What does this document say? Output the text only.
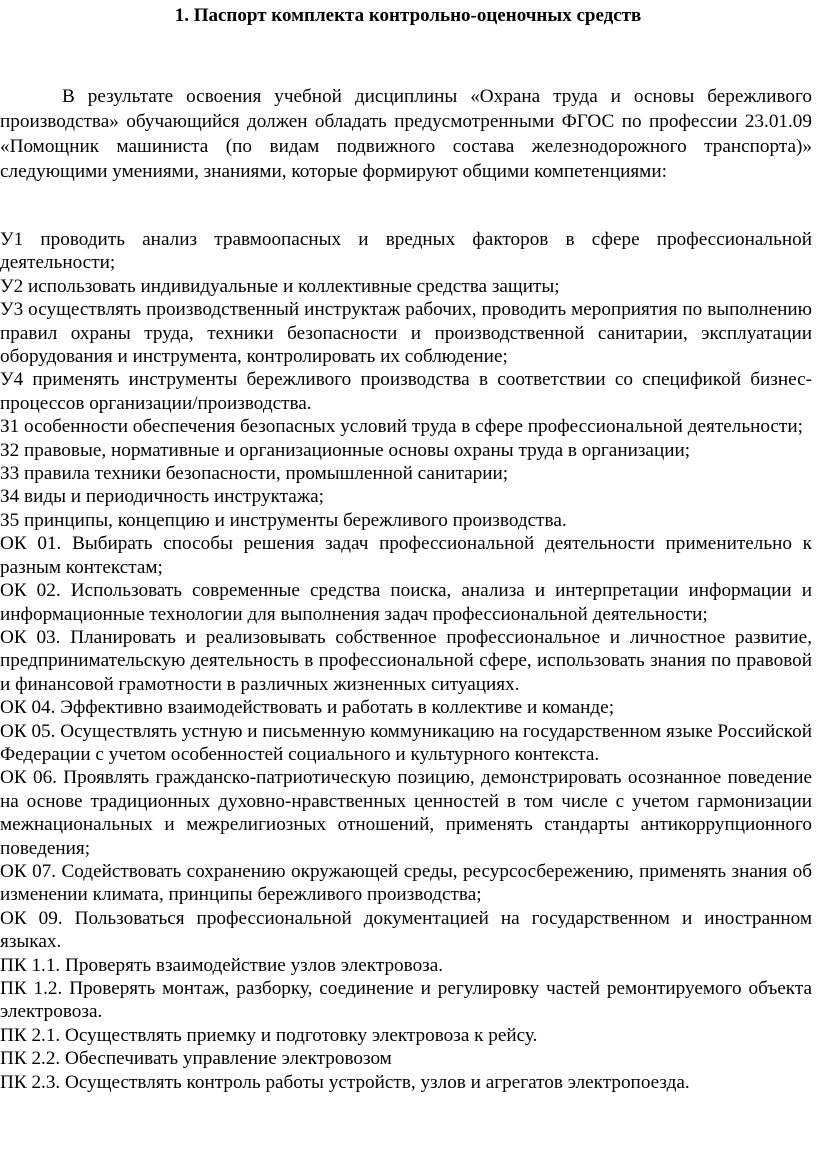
1. Паспорт комплекта контрольно-оценочных средств

В результате освоения учебной дисциплины «Охрана труда и основы бережливого производства» обучающийся должен обладать предусмотренными ФГОС по профессии 23.01.09 «Помощник машиниста (по видам подвижного состава железнодорожного транспорта)» следующими умениями, знаниями, которые формируют общими компетенциями:

У1 проводить анализ травмоопасных и вредных факторов в сфере профессиональной деятельности;
У2 использовать индивидуальные и коллективные средства защиты;
У3 осуществлять производственный инструктаж рабочих, проводить мероприятия по выполнению правил охраны труда, техники безопасности и производственной санитарии, эксплуатации оборудования и инструмента, контролировать их соблюдение;
У4 применять инструменты бережливого производства в соответствии со спецификой бизнес-процессов организации/производства.
З1 особенности обеспечения безопасных условий труда в сфере профессиональной деятельности;
З2 правовые, нормативные и организационные основы охраны труда в организации;
З3 правила техники безопасности, промышленной санитарии;
З4 виды и периодичность инструктажа;
З5 принципы, концепцию и инструменты бережливого производства.
ОК 01. Выбирать способы решения задач профессиональной деятельности применительно к разным контекстам;
ОК 02. Использовать современные средства поиска, анализа и интерпретации информации и информационные технологии для выполнения задач профессиональной деятельности;
ОК 03. Планировать и реализовывать собственное профессиональное и личностное развитие, предпринимательскую деятельность в профессиональной сфере, использовать знания по правовой и финансовой грамотности в различных жизненных ситуациях.
ОК 04. Эффективно взаимодействовать и работать в коллективе и команде;
ОК 05. Осуществлять устную и письменную коммуникацию на государственном языке Российской Федерации с учетом особенностей социального и культурного контекста.
ОК 06. Проявлять гражданско-патриотическую позицию, демонстрировать осознанное поведение на основе традиционных духовно-нравственных ценностей в том числе с учетом гармонизации межнациональных и межрелигиозных отношений, применять стандарты антикоррупционного поведения;
ОК 07. Содействовать сохранению окружающей среды, ресурсосбережению, применять знания об изменении климата, принципы бережливого производства;
ОК 09. Пользоваться профессиональной документацией на государственном и иностранном языках.
ПК 1.1. Проверять взаимодействие узлов электровоза.
ПК 1.2. Проверять монтаж, разборку, соединение и регулировку частей ремонтируемого объекта электровоза.
ПК 2.1. Осуществлять приемку и подготовку электровоза к рейсу.
ПК 2.2. Обеспечивать управление электровозом
ПК 2.3. Осуществлять контроль работы устройств, узлов и агрегатов электропоезда.
